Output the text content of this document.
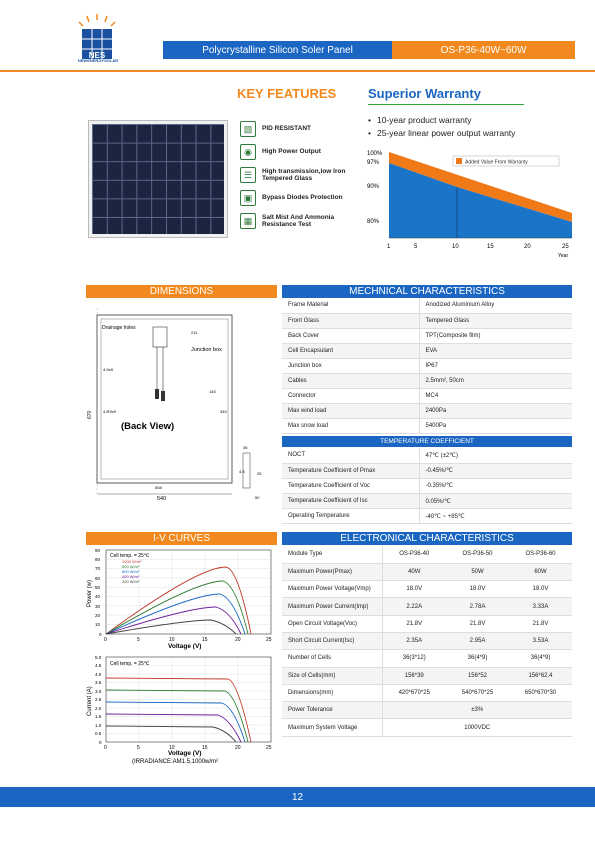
NES
NEWENERGYSOLAR
Polycrystalline Silicon Soler Panel	OS-P36-40W~60W
KEY FEATURES Superior Warranty
▧	PID RESISTANT
◉	High Power Output
☰	High transmission,low Iron Tempered Glass
▣	Bypass Diodes Protection
▦	Salt Mist And Ammonia Resistance Test
• 10-year product warranty
• 25-year linear power output warranty
Added Value From Warranty
100%
97%
90%
80%
1	5	10	15	20	25
Year
DIMENSIONS	MECHNICAL CHARACTERISTICS
Drainage holes
Junction box
(Back View)
670
540
211
4-9x9
4-R9x9
508
145
340
35
25
50
4.5
Frame Material	Anodized Aluminium Alloy
Front Glass	Tempered Glass
Back Cover	TPT(Composite film)
Cell Encapsulant	EVA
Junction box	IP67
Cables	2.5mm², 50cm
Connector	MC4
Max wind load	2400Pa
Max snow load	5400Pa
TEMPERATURE COEFFICIENT
NOCT	47℃ (±2℃)
Temperature Coefficient of Pmax	-0.45%/℃
Temperature Coefficient of Voc	-0.35%/℃
Temperature Coefficient of Isc	0.05%/℃
Operating Temperature	-40℃ ~ +85℃
I-V CURVES	ELECTRONICAL CHARACTERISTICS
Cell temp. = 25℃
1000 W/m²
800 W/m²
600 W/m²
400 W/m²
200 W/m²
90
80
70
60
50
40
30
20
10
0
0	5	10	15	20	25
Voltage (V)
Power (w)
Cell temp. = 25℃
5.0
4.5
4.0
3.5
3.0
2.5
2.0
1.5
1.0
0.5
0
0	5	10	15	20	25
Voltage (V)
(IRRADIANCE:AM1.5,1000w/m²
Current (A)
Module Type	OS-P36-40	OS-P36-50	OS-P36-60
Maximum Power(Pmax)	40W	50W	60W
Maximum Power Voltage(Vmp)	18.0V	18.0V	18.0V
Maximum Power Current(Imp)	2.22A	2.78A	3.33A
Open Circuit Voltage(Voc)	21.8V	21.8V	21.8V
Short Circuit Current(Isc)	2.35A	2.95A	3.53A
Number of Cells	36(3*12)	36(4*9)	36(4*9)
Size of Cells(mm)	156*39	156*52	156*62.4
Dimensions(mm)	420*670*25	540*670*25	650*670*30
Power Tolerance	±3%		
Maximum System Voltage	1000VDC		
12
